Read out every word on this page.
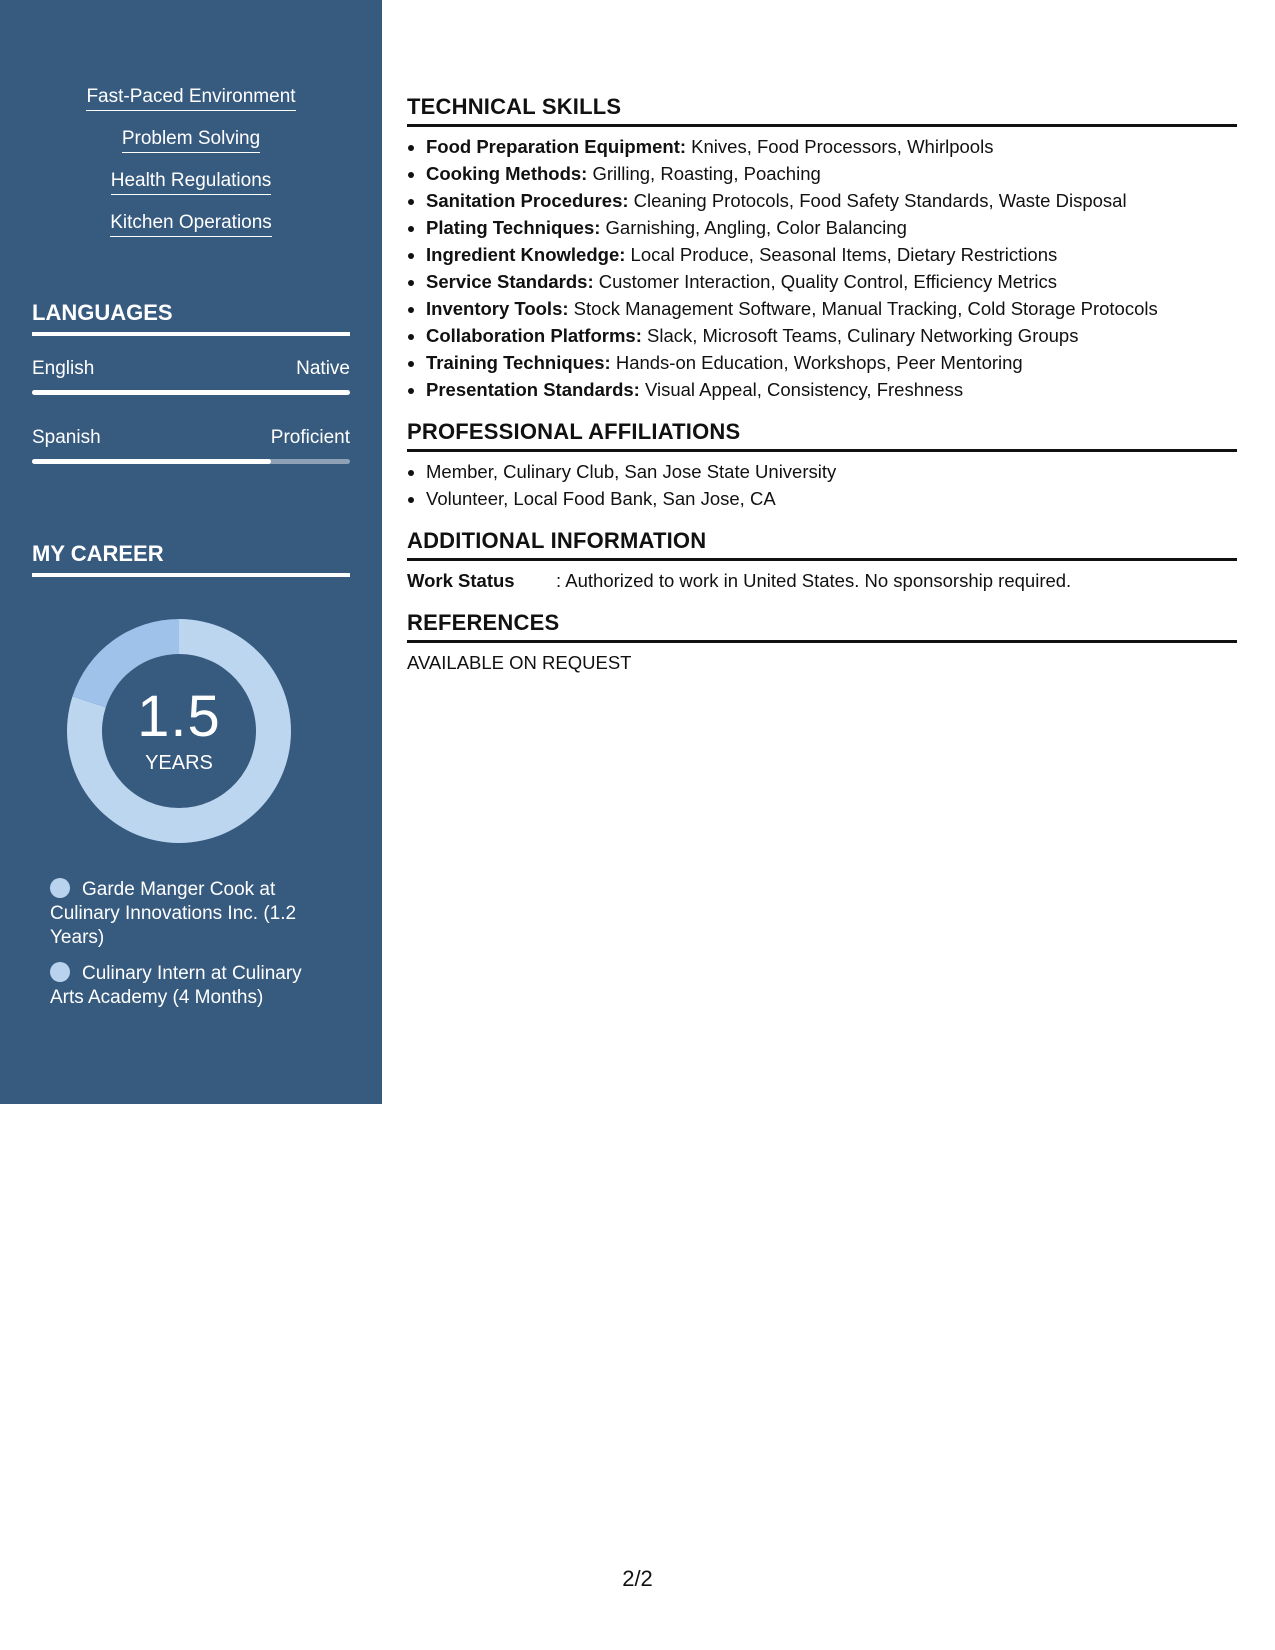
Fast-Paced Environment
Problem Solving
Health Regulations
Kitchen Operations
LANGUAGES
English	Native
Spanish	Proficient
MY CAREER
1.5
YEARS
Garde Manger Cook at Culinary Innovations Inc. (1.2 Years)
Culinary Intern at Culinary Arts Academy (4 Months)
TECHNICAL SKILLS
• Food Preparation Equipment: Knives, Food Processors, Whirlpools
• Cooking Methods: Grilling, Roasting, Poaching
• Sanitation Procedures: Cleaning Protocols, Food Safety Standards, Waste Disposal
• Plating Techniques: Garnishing, Angling, Color Balancing
• Ingredient Knowledge: Local Produce, Seasonal Items, Dietary Restrictions
• Service Standards: Customer Interaction, Quality Control, Efficiency Metrics
• Inventory Tools: Stock Management Software, Manual Tracking, Cold Storage Protocols
• Collaboration Platforms: Slack, Microsoft Teams, Culinary Networking Groups
• Training Techniques: Hands-on Education, Workshops, Peer Mentoring
• Presentation Standards: Visual Appeal, Consistency, Freshness
PROFESSIONAL AFFILIATIONS
• Member, Culinary Club, San Jose State University
• Volunteer, Local Food Bank, San Jose, CA
ADDITIONAL INFORMATION
Work Status	: Authorized to work in United States. No sponsorship required.
REFERENCES
AVAILABLE ON REQUEST
2/2
